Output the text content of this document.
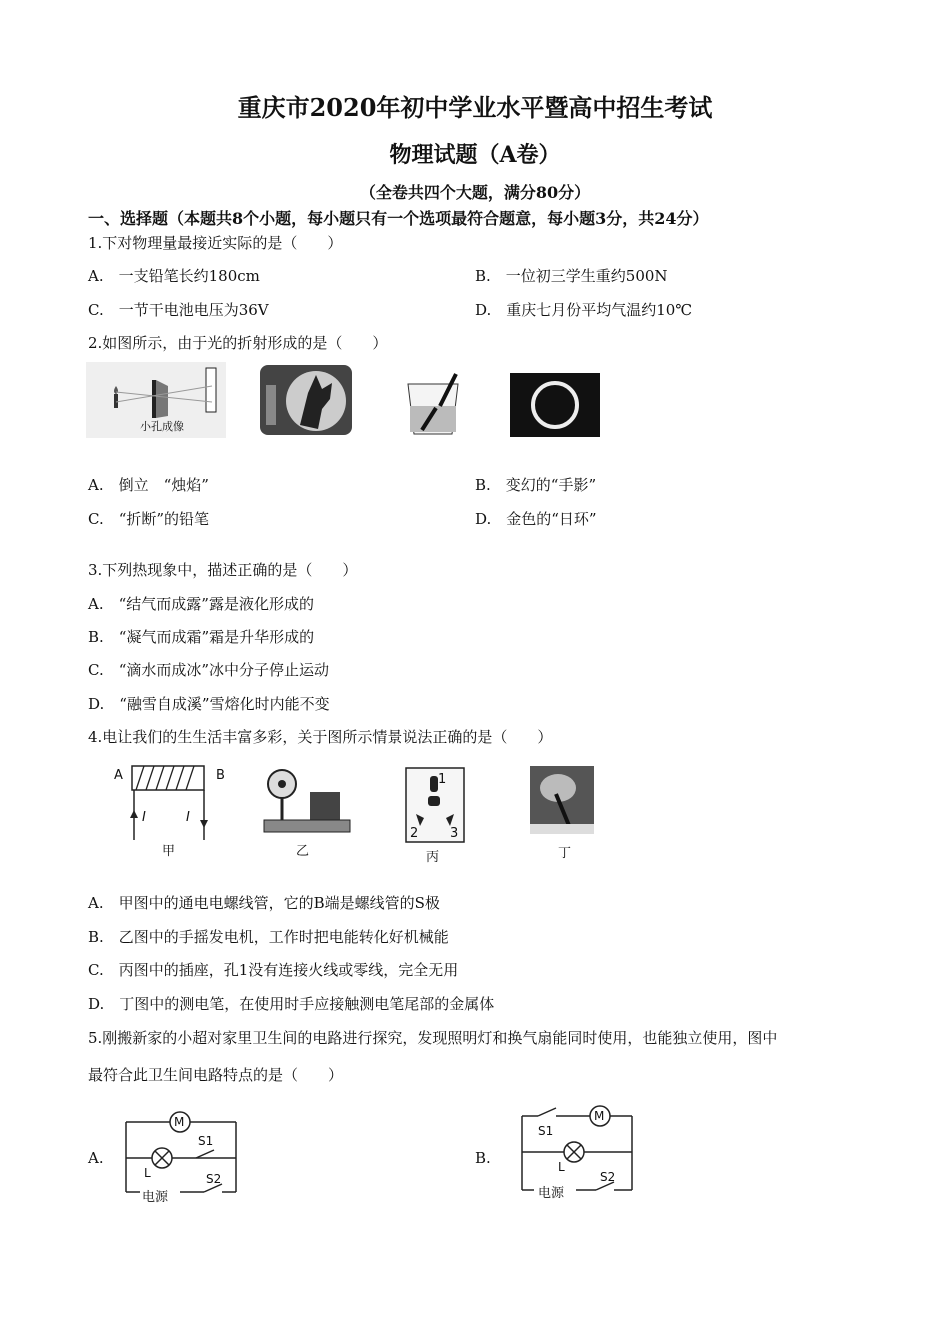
重庆市2020年初中学业水平暨高中招生考试
物理试题（A卷）
（全卷共四个大题，满分80分）
一、选择题（本题共8个小题，每小题只有一个选项最符合题意，每小题3分，共24分）
1.下对物理量最接近实际的是（　　）
A.　一支铅笔长约180cm	B.　一位初三学生重约500N
C.　一节干电池电压为36V	D.　重庆七月份平均气温约10℃
2.如图所示，由于光的折射形成的是（　　）
小孔成像
A.　倒立　“烛焰”	B.　变幻的“手影”
C.　“折断”的铅笔	D.　金色的“日环”
3.下列热现象中，描述正确的是（　　）
A.　“结气而成露”露是液化形成的
B.　“凝气而成霜”霜是升华形成的
C.　“滴水而成冰”冰中分子停止运动
D.　“融雪自成溪”雪熔化时内能不变
4.电让我们的生生活丰富多彩，关于图所示情景说法正确的是（　　）
A	B
I	I
甲	乙
1
2 3
丙	丁
A.　甲图中的通电电螺线管，它的B端是螺线管的S极
B.　乙图中的手摇发电机，工作时把电能转化好机械能
C.　丙图中的插座，孔1没有连接火线或零线，完全无用
D.　丁图中的测电笔，在使用时手应接触测电笔尾部的金属体
5.刚搬新家的小超对家里卫生间的电路进行探究，发现照明灯和换气扇能同时使用，也能独立使用，图中
最符合此卫生间电路特点的是（　　）
A.
M
S1
L	S2
电源
B.
S1
M
L
S2
电源
